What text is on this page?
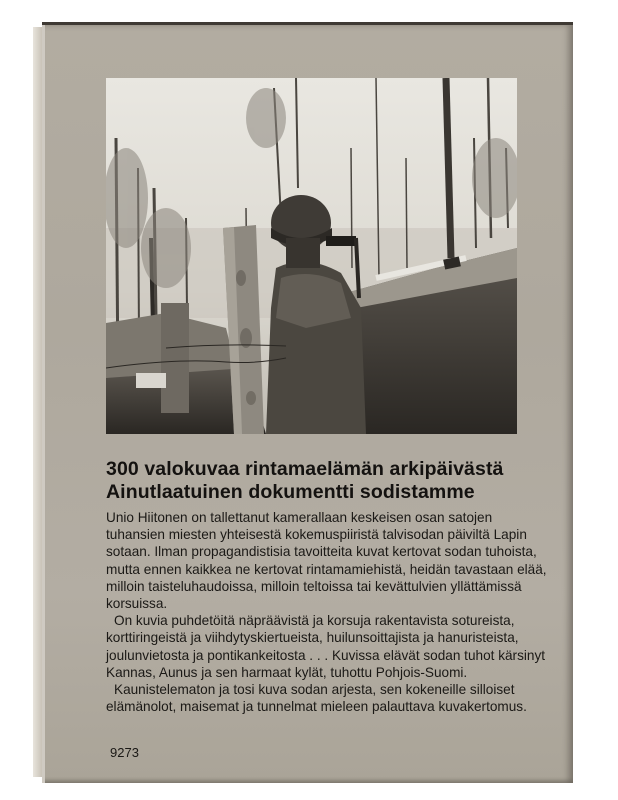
300 valokuvaa rintamaelämän arkipäivästä
Ainutlaatuinen dokumentti sodistamme

Unio Hiitonen on tallettanut kamerallaan keskeisen osan satojen
tuhansien miesten yhteisestä kokemuspiiristä talvisodan päiviltä Lapin
sotaan. Ilman propagandistisia tavoitteita kuvat kertovat sodan tuhoista,
mutta ennen kaikkea ne kertovat rintamamiehistä, heidän tavastaan elää,
milloin taisteluhaudoissa, milloin teltoissa tai kevättulvien yllättämissä
korsuissa.

On kuvia puhdetöitä näpräävistä ja korsuja rakentavista sotureista,
korttiringeistä ja viihdytyskiertueista, huilunsoittajista ja hanuristeista,
joulunvietosta ja pontikankeitosta . . . Kuvissa elävät sodan tuhot kärsinyt
Kannas, Aunus ja sen harmaat kylät, tuhottu Pohjois-Suomi.

Kaunistelematon ja tosi kuva sodan arjesta, sen kokeneille silloiset
elämänolot, maisemat ja tunnelmat mieleen palauttava kuvakertomus.

9273
